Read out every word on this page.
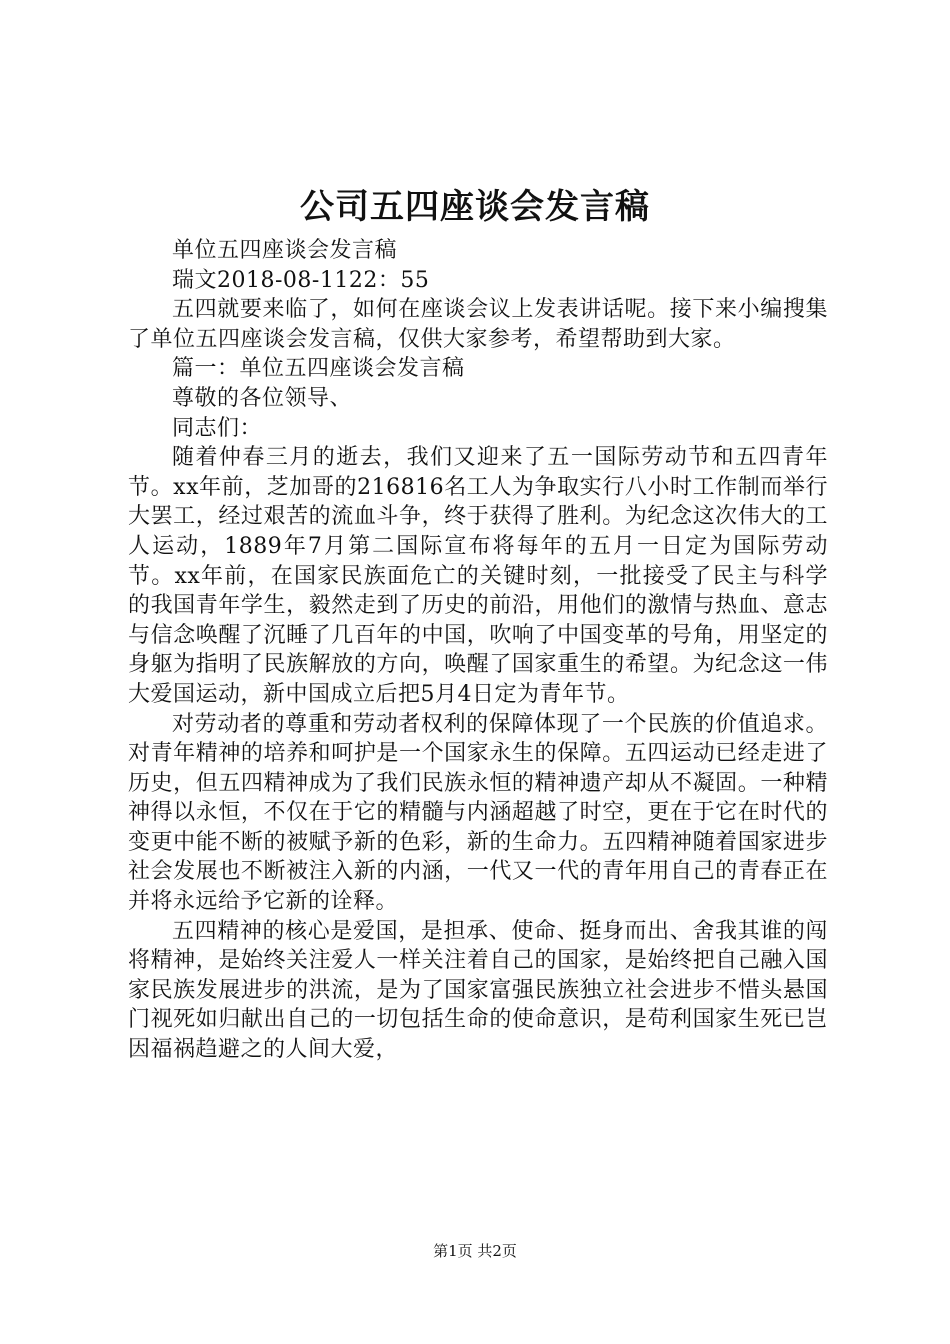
公司五四座谈会发言稿

单位五四座谈会发言稿

瑞文2018-08-1122：55

五四就要来临了，如何在座谈会议上发表讲话呢。接下来小编搜集了单位五四座谈会发言稿，仅供大家参考，希望帮助到大家。

篇一：单位五四座谈会发言稿

尊敬的各位领导、

同志们：

随着仲春三月的逝去，我们又迎来了五一国际劳动节和五四青年节。xx年前，芝加哥的216816名工人为争取实行八小时工作制而举行大罢工，经过艰苦的流血斗争，终于获得了胜利。为纪念这次伟大的工人运动，1889年7月第二国际宣布将每年的五月一日定为国际劳动节。xx年前，在国家民族面危亡的关键时刻，一批接受了民主与科学的我国青年学生，毅然走到了历史的前沿，用他们的激情与热血、意志与信念唤醒了沉睡了几百年的中国，吹响了中国变革的号角，用坚定的身躯为指明了民族解放的方向，唤醒了国家重生的希望。为纪念这一伟大爱国运动，新中国成立后把5月4日定为青年节。

对劳动者的尊重和劳动者权利的保障体现了一个民族的价值追求。对青年精神的培养和呵护是一个国家永生的保障。五四运动已经走进了历史，但五四精神成为了我们民族永恒的精神遗产却从不凝固。一种精神得以永恒，不仅在于它的精髓与内涵超越了时空，更在于它在时代的变更中能不断的被赋予新的色彩，新的生命力。五四精神随着国家进步社会发展也不断被注入新的内涵，一代又一代的青年用自己的青春正在并将永远给予它新的诠释。

五四精神的核心是爱国，是担承、使命、挺身而出、舍我其谁的闯将精神，是始终关注爱人一样关注着自己的国家，是始终把自己融入国家民族发展进步的洪流，是为了国家富强民族独立社会进步不惜头悬国门视死如归献出自己的一切包括生命的使命意识，是苟利国家生死已岂因福祸趋避之的人间大爱，

第1页 共2页
